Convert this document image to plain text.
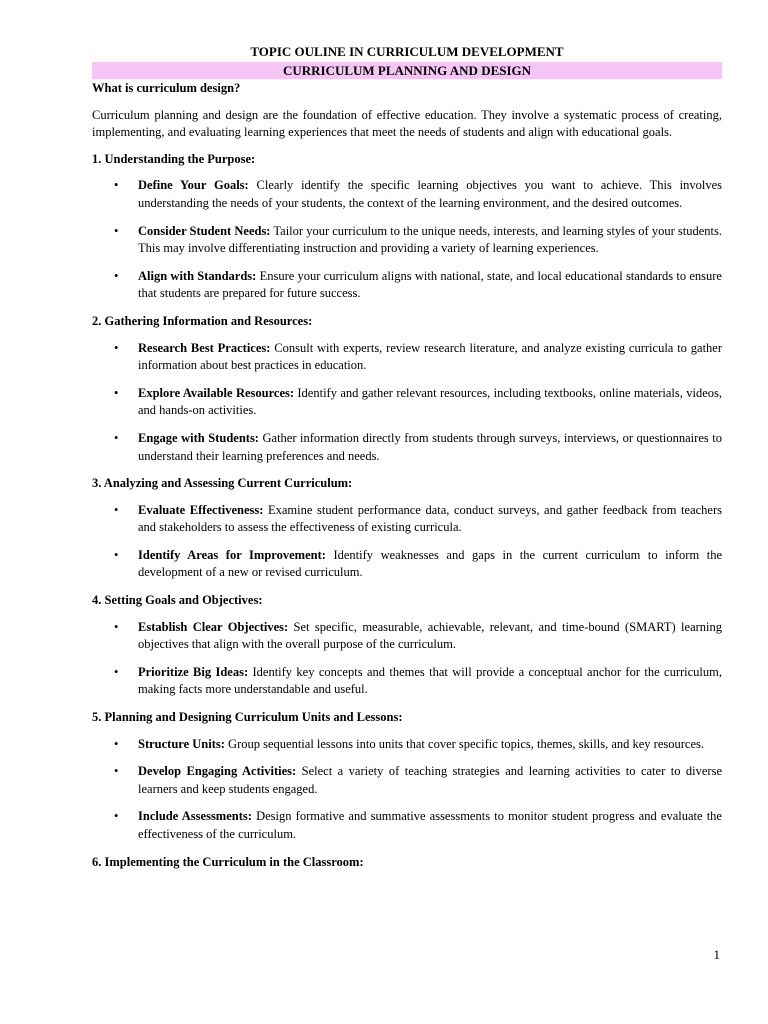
TOPIC OULINE IN CURRICULUM DEVELOPMENT
CURRICULUM PLANNING AND DESIGN
What is curriculum design?

Curriculum planning and design are the foundation of effective education. They involve a systematic process of creating, implementing, and evaluating learning experiences that meet the needs of students and align with educational goals.

1. Understanding the Purpose:
• Define Your Goals: Clearly identify the specific learning objectives you want to achieve. This involves understanding the needs of your students, the context of the learning environment, and the desired outcomes.
• Consider Student Needs: Tailor your curriculum to the unique needs, interests, and learning styles of your students. This may involve differentiating instruction and providing a variety of learning experiences.
• Align with Standards: Ensure your curriculum aligns with national, state, and local educational standards to ensure that students are prepared for future success.
2. Gathering Information and Resources:
• Research Best Practices: Consult with experts, review research literature, and analyze existing curricula to gather information about best practices in education.
• Explore Available Resources: Identify and gather relevant resources, including textbooks, online materials, videos, and hands-on activities.
• Engage with Students: Gather information directly from students through surveys, interviews, or questionnaires to understand their learning preferences and needs.
3. Analyzing and Assessing Current Curriculum:
• Evaluate Effectiveness: Examine student performance data, conduct surveys, and gather feedback from teachers and stakeholders to assess the effectiveness of existing curricula.
• Identify Areas for Improvement: Identify weaknesses and gaps in the current curriculum to inform the development of a new or revised curriculum.
4. Setting Goals and Objectives:
• Establish Clear Objectives: Set specific, measurable, achievable, relevant, and time-bound (SMART) learning objectives that align with the overall purpose of the curriculum.
• Prioritize Big Ideas: Identify key concepts and themes that will provide a conceptual anchor for the curriculum, making facts more understandable and useful.
5. Planning and Designing Curriculum Units and Lessons:
• Structure Units: Group sequential lessons into units that cover specific topics, themes, skills, and key resources.
• Develop Engaging Activities: Select a variety of teaching strategies and learning activities to cater to diverse learners and keep students engaged.
• Include Assessments: Design formative and summative assessments to monitor student progress and evaluate the effectiveness of the curriculum.
6. Implementing the Curriculum in the Classroom:
1
